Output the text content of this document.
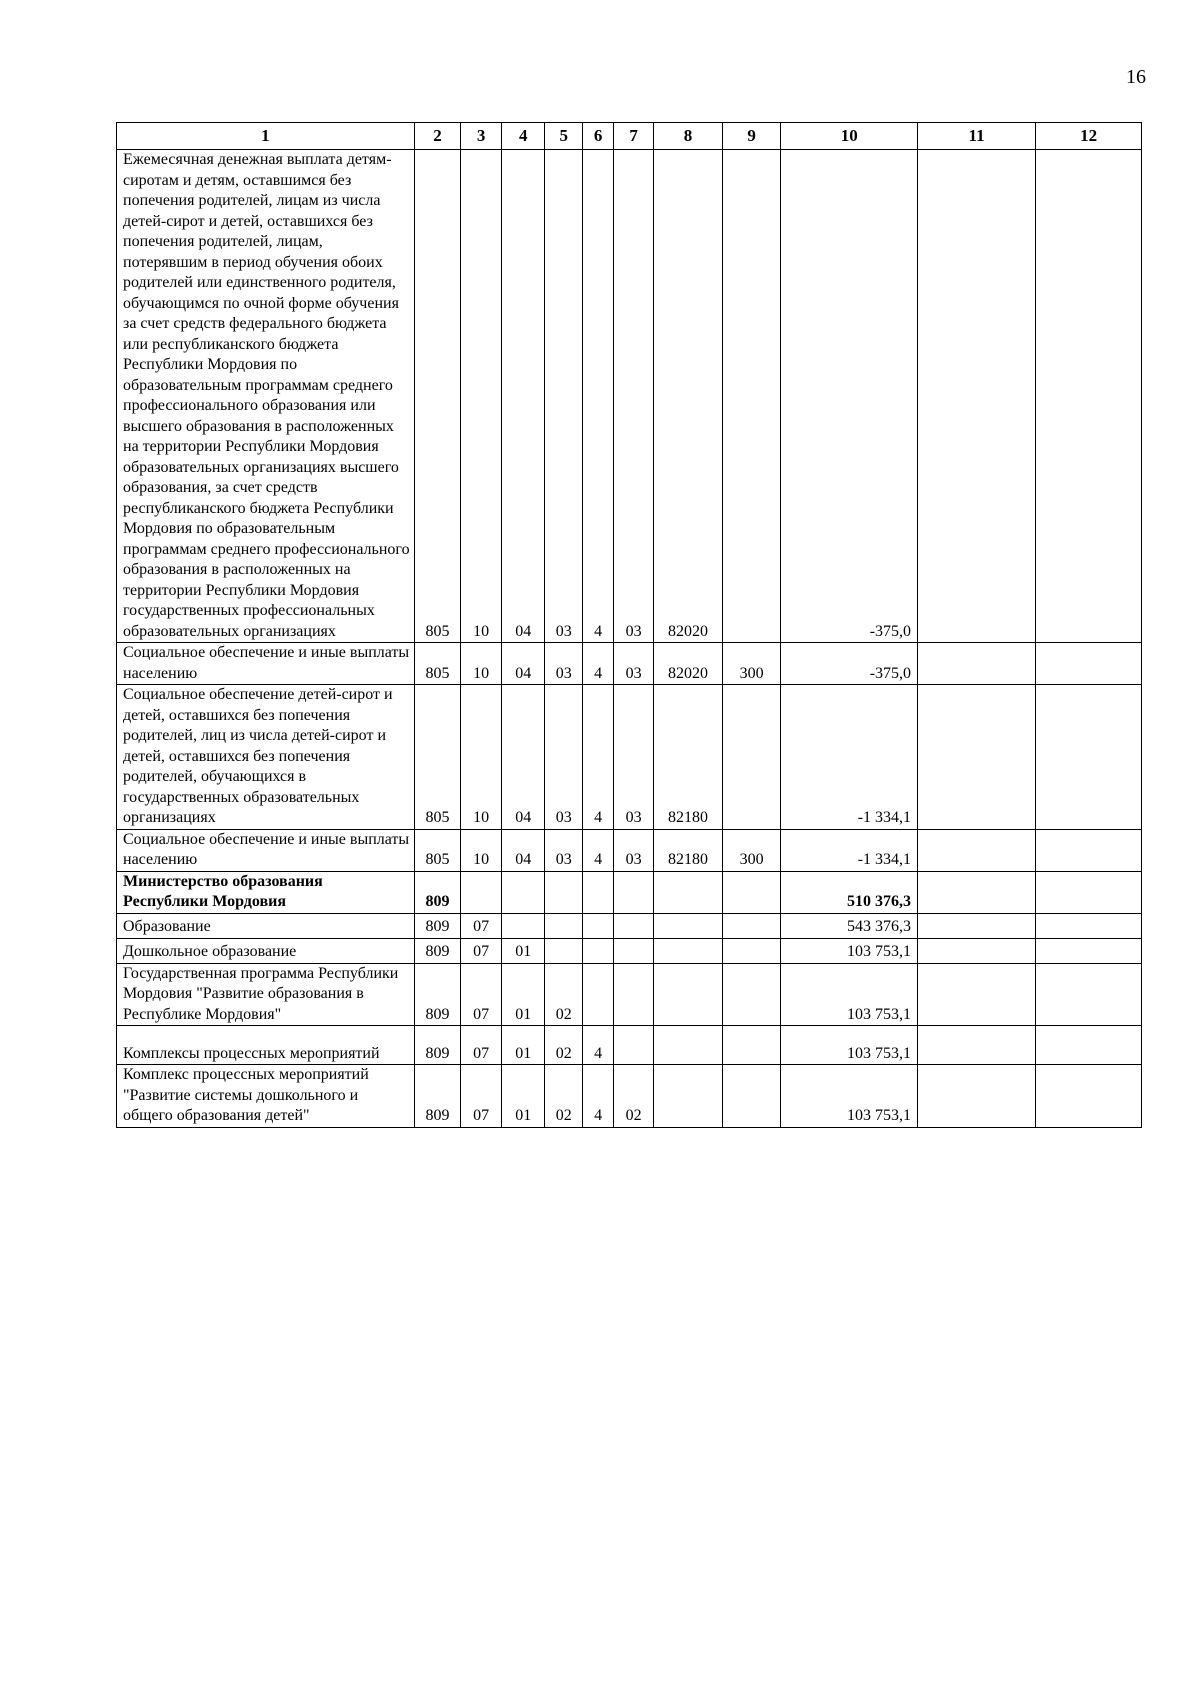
16
1	2	3	4	5	6	7	8	9	10	11	12
Ежемесячная денежная выплата детям-сиротам и детям, оставшимся без попечения родителей, лицам из числа детей-сирот и детей, оставшихся без попечения родителей, лицам, потерявшим в период обучения обоих родителей или единственного родителя, обучающимся по очной форме обучения за счет средств федерального бюджета или республиканского бюджета Республики Мордовия по образовательным программам среднего профессионального образования или высшего образования в расположенных на территории Республики Мордовия образовательных организациях высшего образования, за счет средств республиканского бюджета Республики Мордовия по образовательным программам среднего профессионального образования в расположенных на территории Республики Мордовия государственных профессиональных образовательных организациях	805	10	04	03	4	03	82020		-375,0		
Социальное обеспечение и иные выплаты населению	805	10	04	03	4	03	82020	300	-375,0		
Социальное обеспечение детей-сирот и детей, оставшихся без попечения родителей, лиц из числа детей-сирот и детей, оставшихся без попечения родителей, обучающихся в государственных образовательных организациях	805	10	04	03	4	03	82180		-1 334,1		
Социальное обеспечение и иные выплаты населению	805	10	04	03	4	03	82180	300	-1 334,1		
Министерство образования Республики Мордовия	809								510 376,3		
Образование	809	07							543 376,3		
Дошкольное образование	809	07	01						103 753,1		
Государственная программа Республики Мордовия "Развитие образования в Республике Мордовия"	809	07	01	02					103 753,1		
Комплексы процессных мероприятий	809	07	01	02	4				103 753,1		
Комплекс процессных мероприятий "Развитие системы дошкольного и общего образования детей"	809	07	01	02	4	02			103 753,1		
